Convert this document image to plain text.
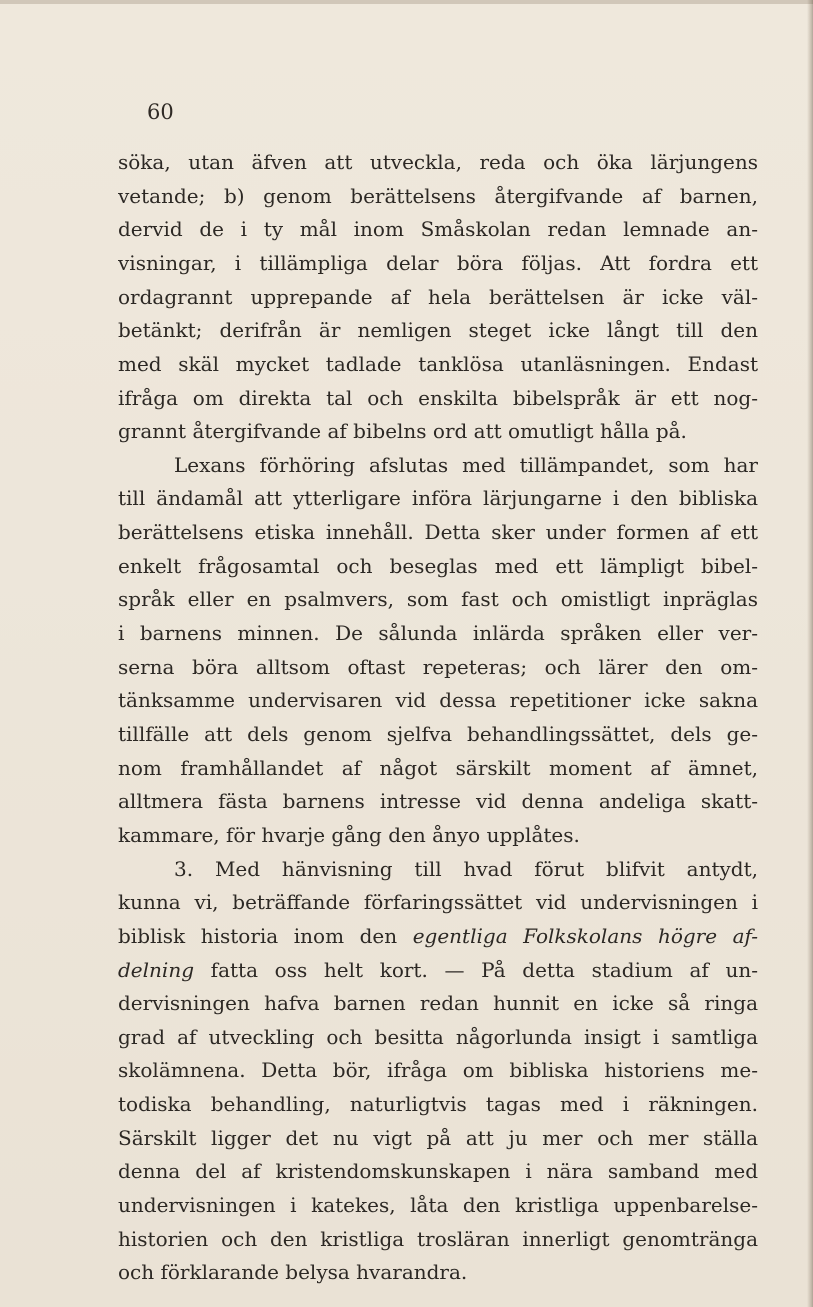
60
söka, utan äfven att utveckla, reda och öka lärjungens
vetande; b) genom berättelsens återgifvande af barnen,
dervid de i ty mål inom Småskolan redan lemnade an-
visningar, i tillämpliga delar böra följas. Att fordra ett
ordagrannt upprepande af hela berättelsen är icke väl-
betänkt; derifrån är nemligen steget icke långt till den
med skäl mycket tadlade tanklösa utanläsningen. Endast
ifråga om direkta tal och enskilta bibelspråk är ett nog-
grannt återgifvande af bibelns ord att omutligt hålla på.
Lexans förhöring afslutas med tillämpandet, som har
till ändamål att ytterligare införa lärjungarne i den bibliska
berättelsens etiska innehåll. Detta sker under formen af ett
enkelt frågosamtal och beseglas med ett lämpligt bibel-
språk eller en psalmvers, som fast och omistligt inpräglas
i barnens minnen. De sålunda inlärda språken eller ver-
serna böra alltsom oftast repeteras; och lärer den om-
tänksamme undervisaren vid dessa repetitioner icke sakna
tillfälle att dels genom sjelfva behandlingssättet, dels ge-
nom framhållandet af något särskilt moment af ämnet,
alltmera fästa barnens intresse vid denna andeliga skatt-
kammare, för hvarje gång den ånyo upplåtes.
3. Med hänvisning till hvad förut blifvit antydt,
kunna vi, beträffande förfaringssättet vid undervisningen i
biblisk historia inom den egentliga Folkskolans högre af-
delning fatta oss helt kort. — På detta stadium af un-
dervisningen hafva barnen redan hunnit en icke så ringa
grad af utveckling och besitta någorlunda insigt i samtliga
skolämnena. Detta bör, ifråga om bibliska historiens me-
todiska behandling, naturligtvis tagas med i räkningen.
Särskilt ligger det nu vigt på att ju mer och mer ställa
denna del af kristendomskunskapen i nära samband med
undervisningen i katekes, låta den kristliga uppenbarelse-
historien och den kristliga trosläran innerligt genomtränga
och förklarande belysa hvarandra.
